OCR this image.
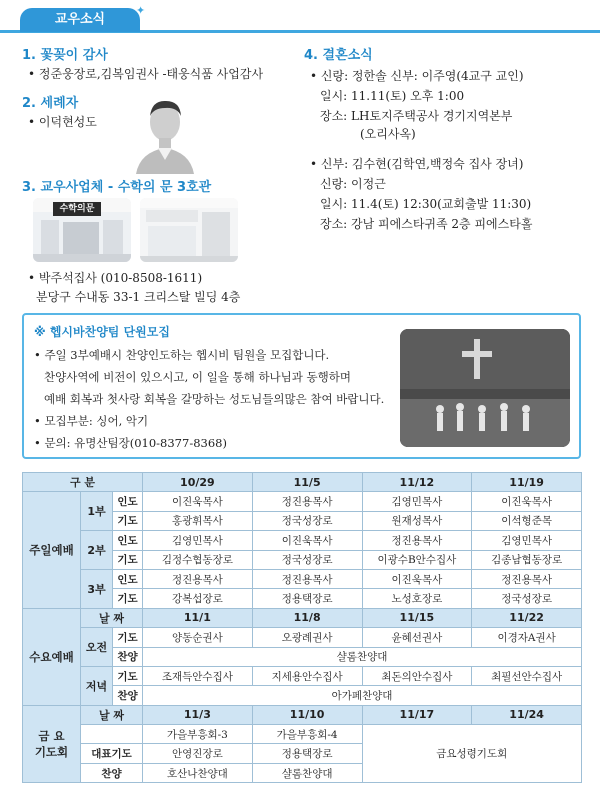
교우소식
✦
1. 꽃꽂이 감사
• 정준웅장로,김복임권사 -태웅식품 사업감사
2. 세례자
• 이덕현성도
3. 교우사업체 - 수학의 문 3호관
수학의문
• 박주석집사 (010-8508-1611)
분당구 수내동 33-1 크리스탈 빌딩 4층
4. 결혼소식
• 신랑: 정한솔 신부: 이주영(4교구 교인)
일시: 11.11(토) 오후 1:00
장소: LH토지주택공사 경기지역본부
(오리사옥)
• 신부: 김수현(김학연,백정숙 집사 장녀)
신랑: 이정근
일시: 11.4(토) 12:30(교회출발 11:30)
장소: 강남 피에스타귀족 2층 피에스타홀
※ 헵시바찬양팀 단원모집
• 주일 3부예배시 찬양인도하는 헵시비 팀원을 모집합니다.
찬양사역에 비전이 있으시고, 이 일을 통해 하나님과 동행하며
예배 회복과 첫사랑 회복을 갈망하는 성도님들의많은 참여 바랍니다.
• 모집부분: 싱어, 악기
• 문의: 유명산팀장(010-8377-8368)
구 분			10/29	11/5	11/12	11/19
주일예배	1부	인도	이진욱목사	정진용목사	김영민목사	이진욱목사
		기도	홍광휘목사	정국성장로	원재성목사	이석형준목
	2부	인도	김영민목사	이진욱목사	정진용목사	김영민목사
		기도	김정수협동장로	정국성장로	이광수B안수집사	김종남협동장로
	3부	인도	정진용목사	정진용목사	이진욱목사	정진용목사
		기도	강복섭장로	정용택장로	노성호장로	정국성장로
수요예배	날 짜		11/1	11/8	11/15	11/22
	오전	기도	양동순권사	오광례권사	윤혜선권사	이경자A권사
		찬양	샬롬찬양대			
	저녁	기도	조재득안수집사	지세용안수집사	최돈의안수집사	최필선안수집사
		찬양	아가페찬양대			
금 요
기도회	날 짜		11/3	11/10	11/17	11/24
			가을부흥회-3	가을부흥회-4	금요성령기도회	
	대표기도		안영진장로	정용택장로		
	찬양		호산나찬양대	샬롬찬양대		
